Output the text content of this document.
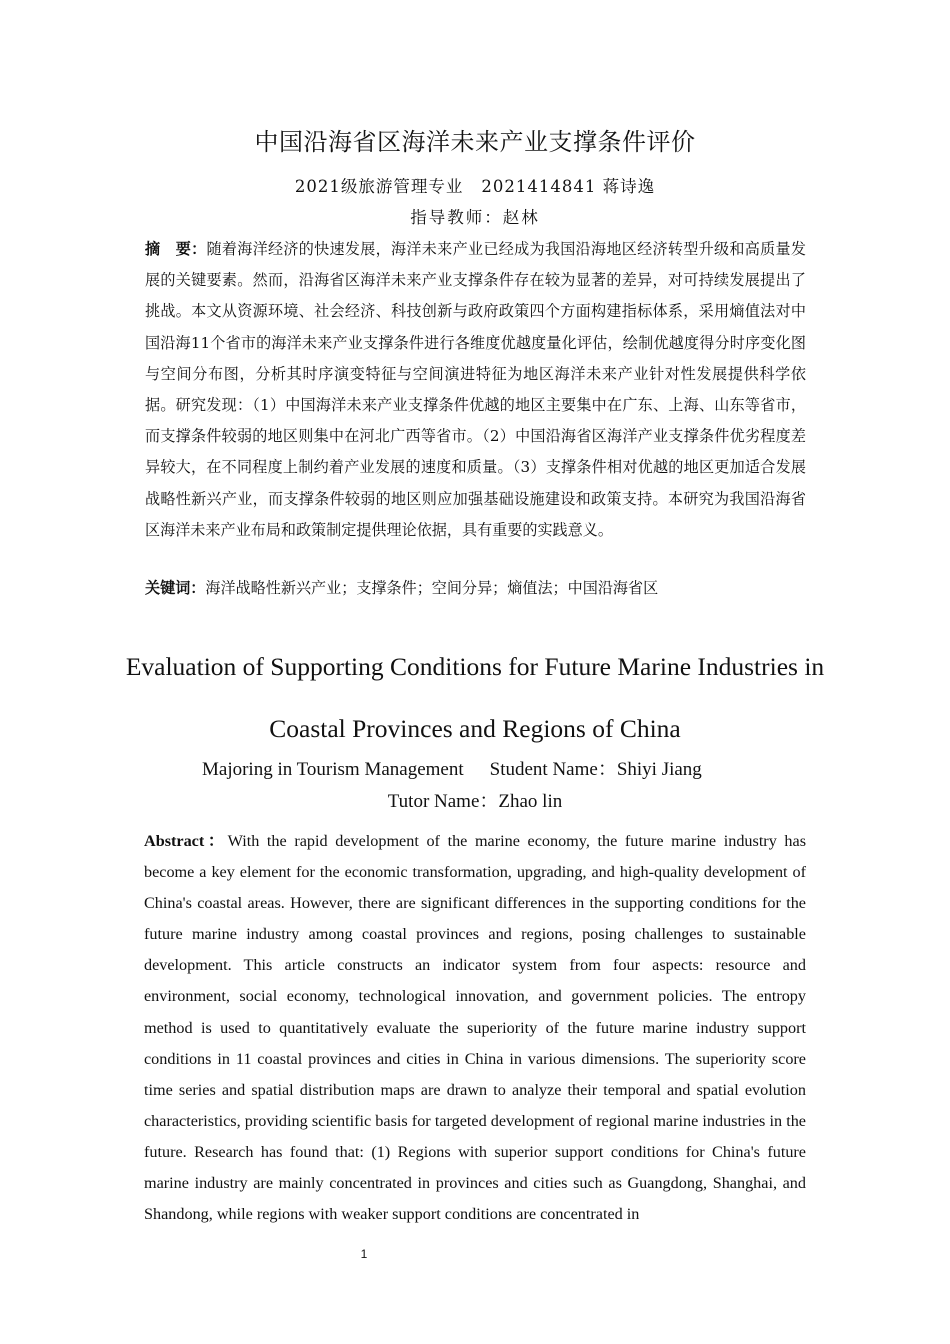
中国沿海省区海洋未来产业支撑条件评价
2021级旅游管理专业 2021414841 蒋诗逸
指导教师：赵林
摘　要：随着海洋经济的快速发展，海洋未来产业已经成为我国沿海地区经济转型升级和高质量发展的关键要素。然而，沿海省区海洋未来产业支撑条件存在较为显著的差异，对可持续发展提出了挑战。本文从资源环境、社会经济、科技创新与政府政策四个方面构建指标体系，采用熵值法对中国沿海11个省市的海洋未来产业支撑条件进行各维度优越度量化评估，绘制优越度得分时序变化图与空间分布图，分析其时序演变特征与空间演进特征为地区海洋未来产业针对性发展提供科学依据。研究发现：（1）中国海洋未来产业支撑条件优越的地区主要集中在广东、上海、山东等省市，而支撑条件较弱的地区则集中在河北广西等省市。（2）中国沿海省区海洋产业支撑条件优劣程度差异较大，在不同程度上制约着产业发展的速度和质量。（3）支撑条件相对优越的地区更加适合发展战略性新兴产业，而支撑条件较弱的地区则应加强基础设施建设和政策支持。本研究为我国沿海省区海洋未来产业布局和政策制定提供理论依据，具有重要的实践意义。
关键词：海洋战略性新兴产业；支撑条件；空间分异；熵值法；中国沿海省区
Evaluation of Supporting Conditions for Future Marine Industries in Coastal Provinces and Regions of China
Majoring in Tourism Management Student Name：Shiyi Jiang
Tutor Name：Zhao lin
Abstract：With the rapid development of the marine economy, the future marine industry has become a key element for the economic transformation, upgrading, and high-quality development of China's coastal areas. However, there are significant differences in the supporting conditions for the future marine industry among coastal provinces and regions, posing challenges to sustainable development. This article constructs an indicator system from four aspects: resource and environment, social economy, technological innovation, and government policies. The entropy method is used to quantitatively evaluate the superiority of the future marine industry support conditions in 11 coastal provinces and cities in China in various dimensions. The superiority score time series and spatial distribution maps are drawn to analyze their temporal and spatial evolution characteristics, providing scientific basis for targeted development of regional marine industries in the future. Research has found that: (1) Regions with superior support conditions for China's future marine industry are mainly concentrated in provinces and cities such as Guangdong, Shanghai, and Shandong, while regions with weaker support conditions are concentrated in
1
